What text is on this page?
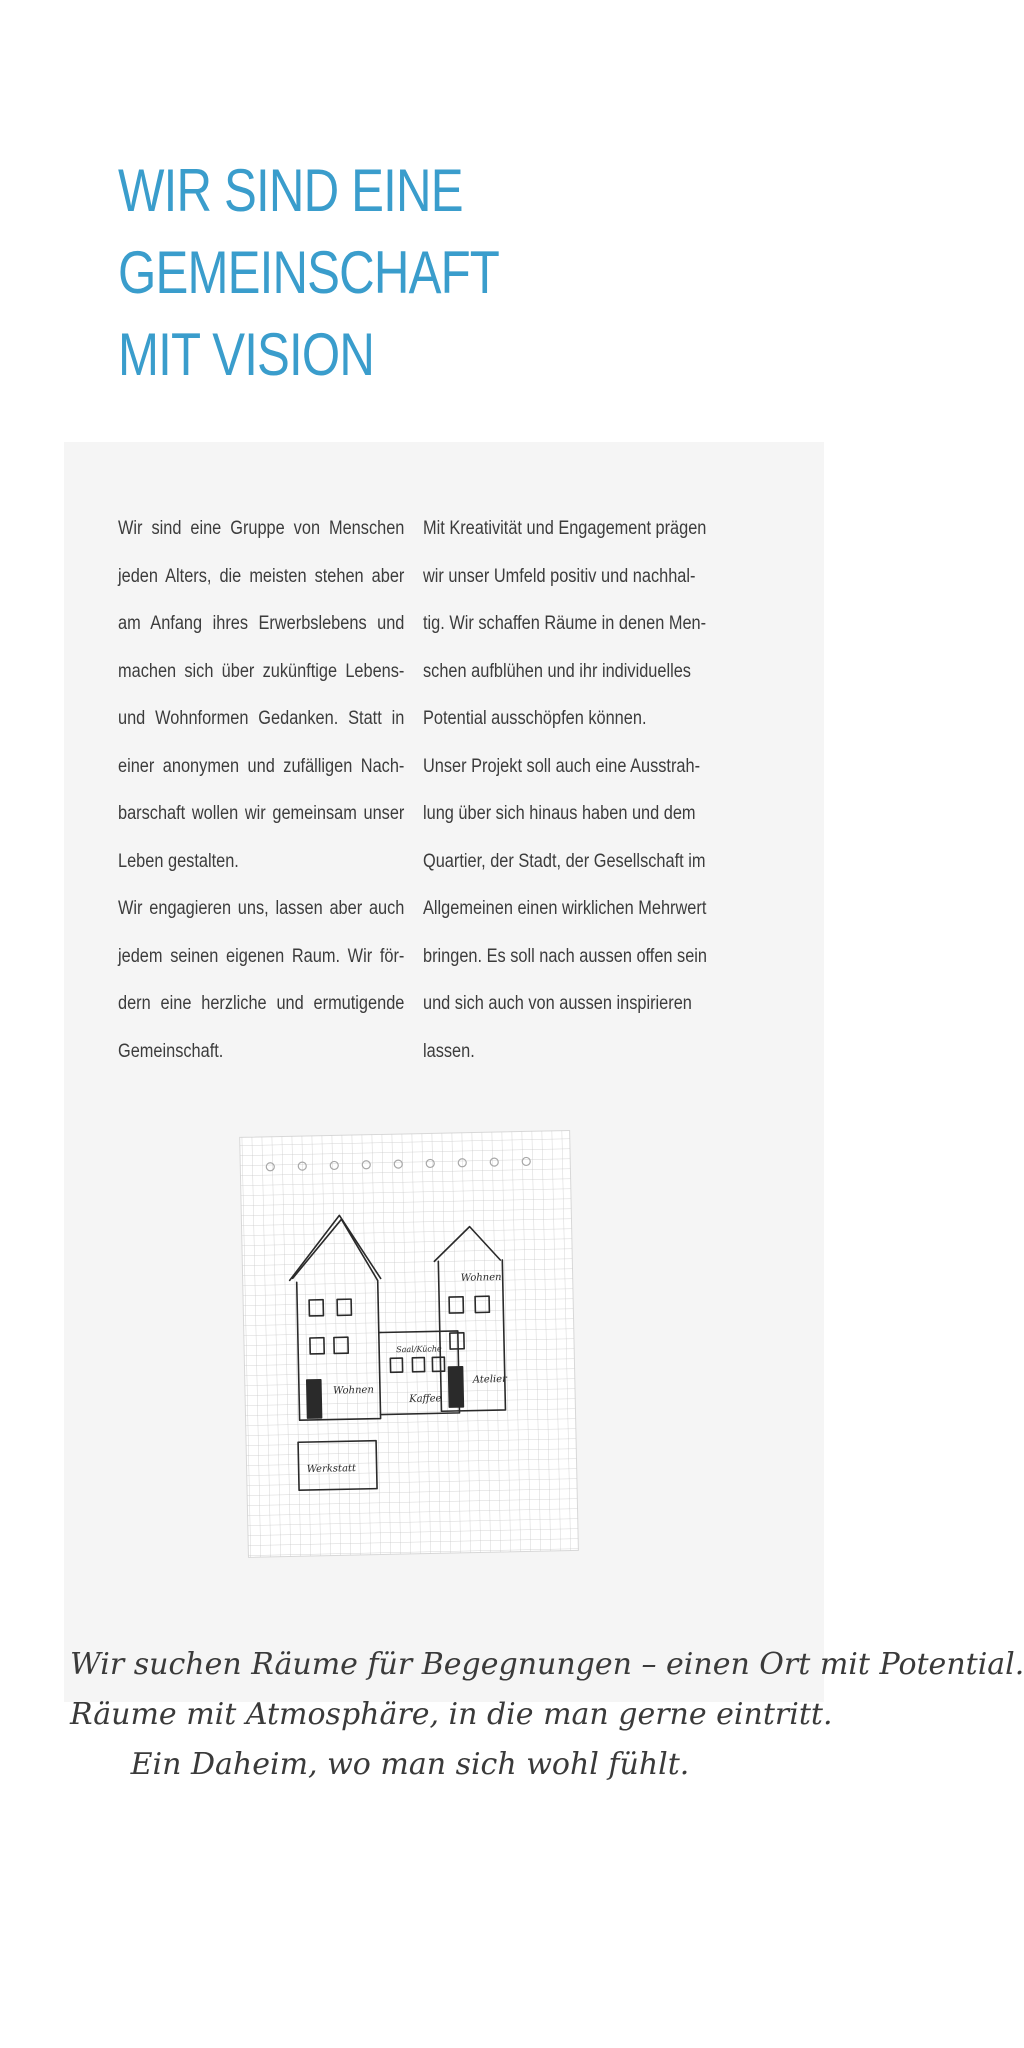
WIR SIND EINE
GEMEINSCHAFT
MIT VISION

Wir sind eine Gruppe von Menschen jeden Alters, die meisten stehen aber am Anfang ihres Erwerbslebens und machen sich über zukünftige Lebens- und Wohnformen Gedanken. Statt in einer anonymen und zufälligen Nach- barschaft wollen wir gemeinsam unser Leben gestalten.

Wir engagieren uns, lassen aber auch jedem seinen eigenen Raum. Wir för- dern eine herzliche und ermutigende Gemeinschaft.

Mit Kreativität und Engagement prägen wir unser Umfeld positiv und nachhal- tig. Wir schaffen Räume in denen Men- schen aufblühen und ihr individuelles Potential ausschöpfen können.

Unser Projekt soll auch eine Ausstrah- lung über sich hinaus haben und dem Quartier, der Stadt, der Gesellschaft im Allgemeinen einen wirklichen Mehrwert bringen. Es soll nach aussen offen sein und sich auch von aussen inspirieren lassen.

Wohnen
Wohnen
Saal/Küche
Kaffee
Atelier
Werkstatt
Wir suchen Räume für Begegnungen – einen Ort mit Potential.
Räume mit Atmosphäre, in die man gerne eintritt.
Ein Daheim, wo man sich wohl fühlt.
